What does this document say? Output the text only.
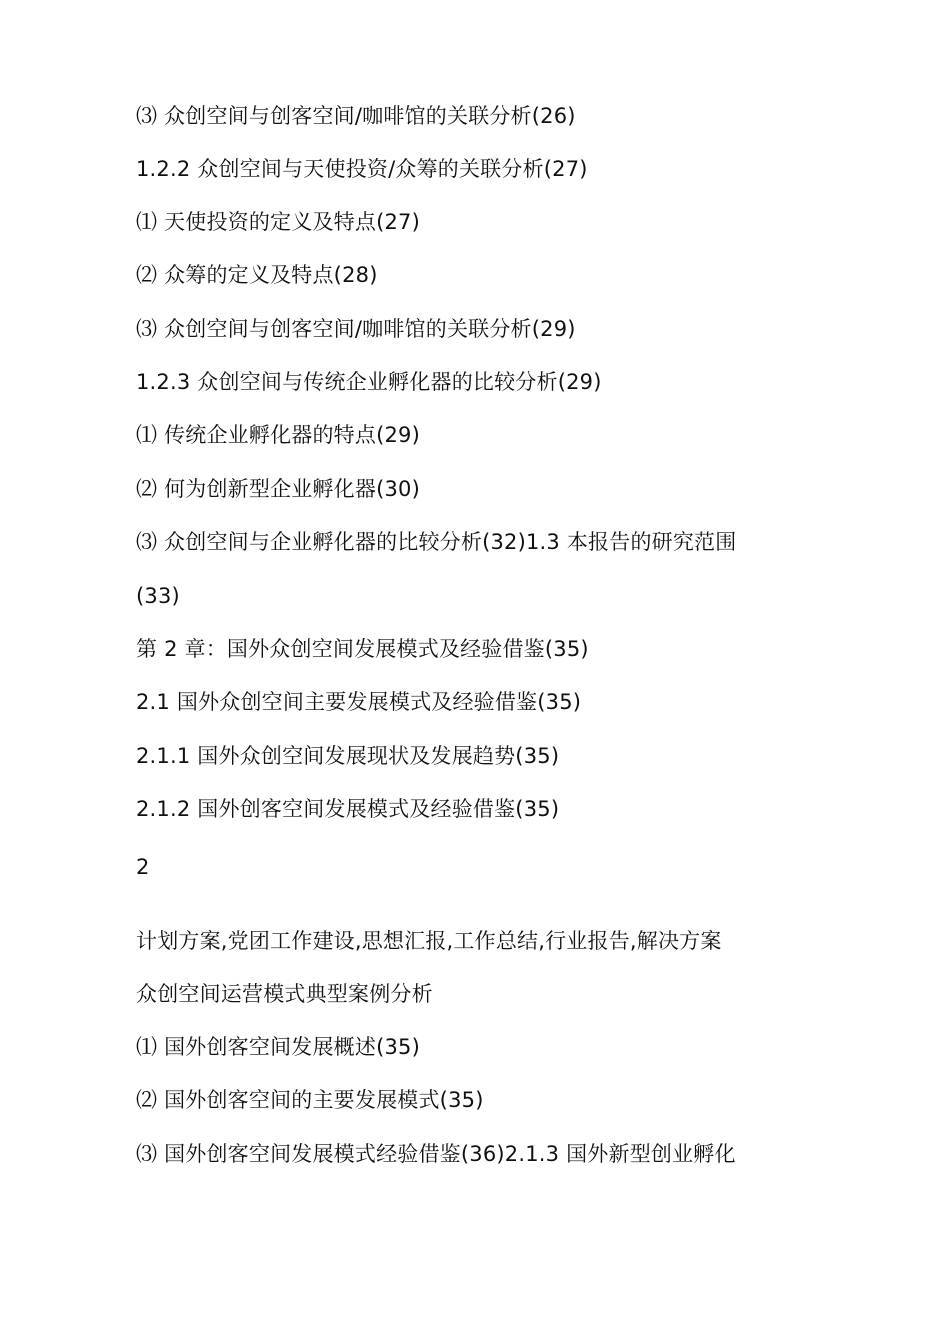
⑶ 众创空间与创客空间/咖啡馆的关联分析(26)
1.2.2 众创空间与天使投资/众筹的关联分析(27)
⑴ 天使投资的定义及特点(27)
⑵ 众筹的定义及特点(28)
⑶ 众创空间与创客空间/咖啡馆的关联分析(29)
1.2.3 众创空间与传统企业孵化器的比较分析(29)
⑴ 传统企业孵化器的特点(29)
⑵ 何为创新型企业孵化器(30)
⑶ 众创空间与企业孵化器的比较分析(32)1.3 本报告的研究范围
(33)
第 2 章：国外众创空间发展模式及经验借鉴(35)
2.1 国外众创空间主要发展模式及经验借鉴(35)
2.1.1 国外众创空间发展现状及发展趋势(35)
2.1.2 国外创客空间发展模式及经验借鉴(35)
2
计划方案,党团工作建设,思想汇报,工作总结,行业报告,解决方案
众创空间运营模式典型案例分析
⑴ 国外创客空间发展概述(35)
⑵ 国外创客空间的主要发展模式(35)
⑶ 国外创客空间发展模式经验借鉴(36)2.1.3 国外新型创业孵化
